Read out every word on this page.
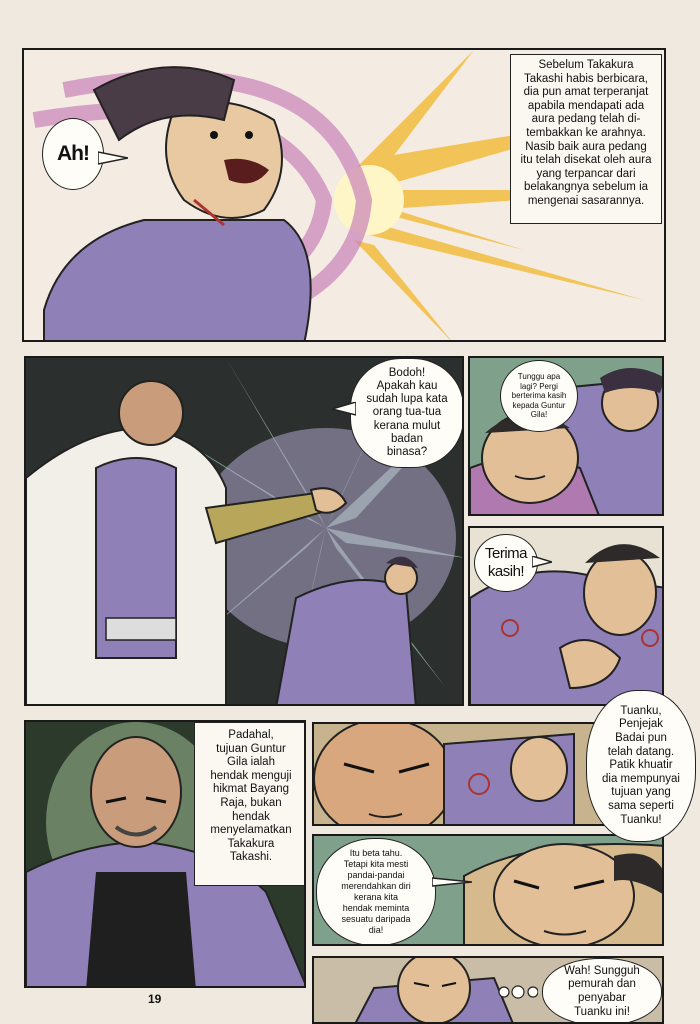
Ah!
Sebelum Takakura
Takashi habis berbicara,
dia pun amat terperanjat
apabila mendapati ada
aura pedang telah di-
tembakkan ke arahnya.
Nasib baik aura pedang
itu telah disekat oleh aura
yang terpancar dari
belakangnya sebelum ia
mengenai sasarannya.
Bodoh!
Apakah kau
sudah lupa kata
orang tua-tua
kerana mulut
badan
binasa?
Tunggu apa
lagi? Pergi
berterima kasih
kepada Guntur
Gila!
Terima
kasih!
Padahal,
tujuan Guntur
Gila ialah
hendak menguji
hikmat Bayang
Raja, bukan
hendak
menyelamatkan
Takakura
Takashi.
Tuanku,
Penjejak
Badai pun
telah datang.
Patik khuatir
dia mempunyai
tujuan yang
sama seperti
Tuanku!
Itu beta tahu.
Tetapi kita mesti
pandai-pandai
merendahkan diri
kerana kita
hendak meminta
sesuatu daripada
dia!
Wah! Sungguh
pemurah dan
penyabar
Tuanku ini!
19
